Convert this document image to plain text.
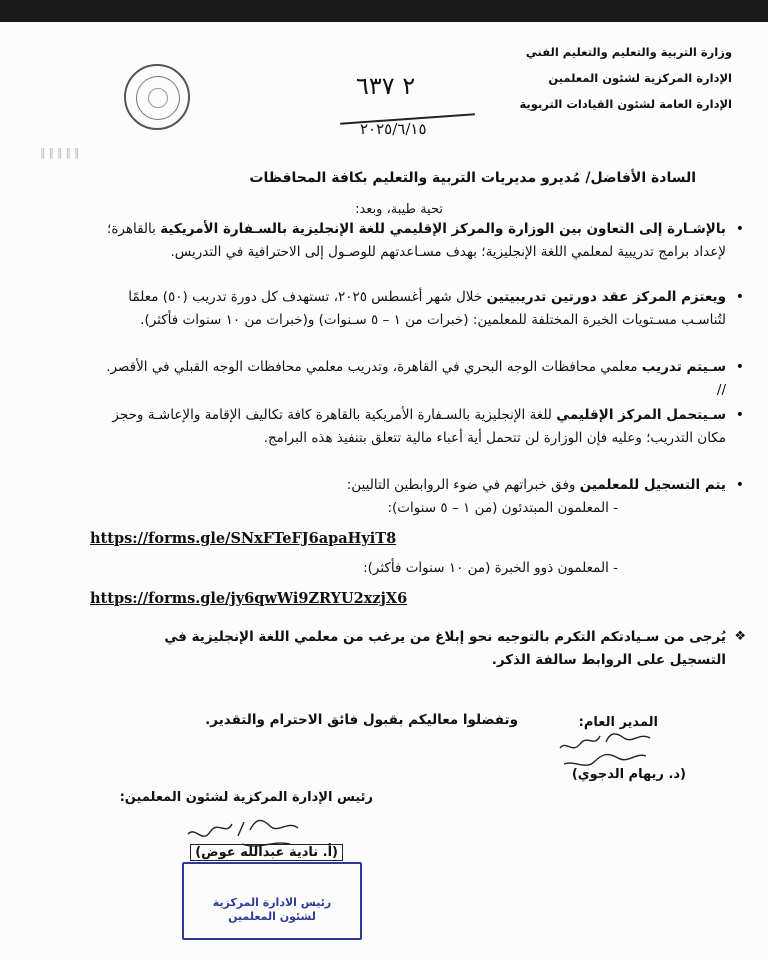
وزارة التربية والتعليم والتعليم الفني
الإدارة المركزية لشئون المعلمين
الإدارة العامة لشئون القيادات التربوية
٢ ٦٣٧
٢٠٢٥/٦/١٥
‖‖‖‖‖
السادة الأفاضل/ مُديرو مديريات التربية والتعليم بكافة المحافظات
تحية طيبة، وبعد:
•
بالإشـارة إلى التعاون بين الوزارة والمركز الإقليمي للغة الإنجليزية بالسـفارة الأمريكية بالقاهرة؛ لإعداد برامج تدريبية لمعلمي اللغة الإنجليزية؛ بهدف مسـاعدتهم للوصـول إلى الاحترافية في التدريس.
•
ويعتزم المركز عقد دورتين تدريبيتين خلال شهر أغسطس ٢٠٢٥، تستهدف كل دورة تدريب (٥٠) معلمًا لتُناسـب مسـتويات الخبرة المختلفة للمعلمين: (خبرات من ١ – ٥ سـنوات) و(خبرات من ١٠ سنوات فأكثر).
•
سـيتم تدريب معلمي محافظات الوجه البحري في القاهرة، وتدريب معلمي محافظات الوجه القبلي في الأقصر. //
•
سـيتحمل المركز الإقليمي للغة الإنجليزية بالسـفارة الأمريكية بالقاهرة كافة تكاليف الإقامة والإعاشـة وحجز مكان التدريب؛ وعليه فإن الوزارة لن تتحمل أية أعباء مالية تتعلق بتنفيذ هذه البرامج.
•
يتم التسجيل للمعلمين وفق خبراتهم في ضوء الروابطين التاليين:
- المعلمون المبتدئون (من ١ – ٥ سنوات):
https://forms.gle/SNxFTeFJ6apaHyiT8
- المعلمون ذوو الخبرة (من ١٠ سنوات فأكثر):
https://forms.gle/jy6qwWi9ZRYU2xzjX6
❖
يُرجى من سـيادتكم التكرم بالتوجيه نحو إبلاغ من يرغب من معلمي اللغة الإنجليزية في التسجيل على الروابط سالفة الذكر.
وتفضلوا معاليكم بقبول فائق الاحترام والتقدير.	المدير العام:
(د. ريهام الدجوي)
رئيس الإدارة المركزية لشئون المعلمين:
(أ. نادية عبدالله عوض)
رئيس الادارة المركزية
لشئون المعلمين
